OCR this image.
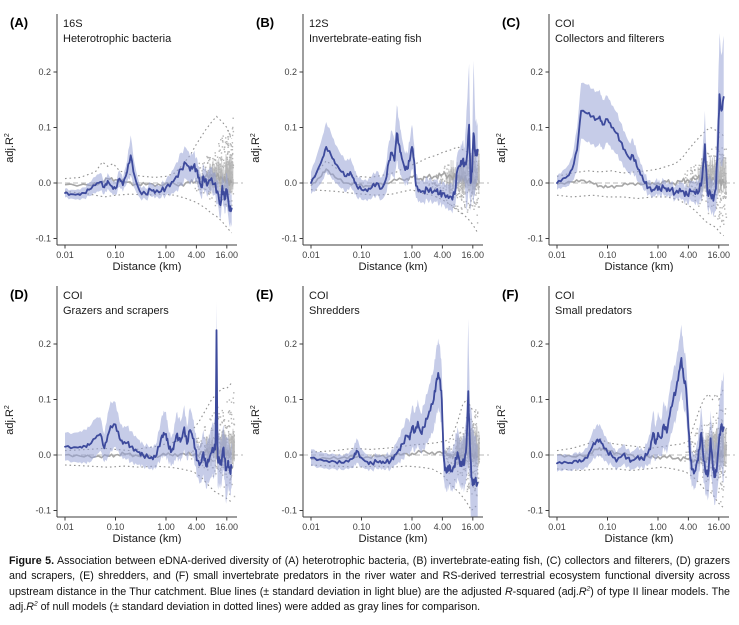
0.2
0.1
0.0
-0.1
0.01	0.10	1.00 4.00 16.00
Distance (km)
$adj.R^2$
(A)	16S
Heterotrophic bacteria
0.2
0.1
0.0
-0.1
0.01	0.10	1.00 4.00 16.00
Distance (km)
$adj.R^2$
(B)	12S
Invertebrate-eating fish
0.2
0.1
0.0
-0.1
0.01	0.10	1.00 4.00 16.00
Distance (km)
$adj.R^2$
(C)	COI
Collectors and filterers
0.2
0.1
0.0
-0.1
0.01	0.10	1.00 4.00 16.00
Distance (km)
$adj.R^2$
(D)	COI
Grazers and scrapers
0.2
0.1
0.0
-0.1
0.01	0.10	1.00 4.00 16.00
Distance (km)
$adj.R^2$
(E)	COI
Shredders
0.2
0.1
0.0
-0.1
0.01	0.10	1.00 4.00 16.00
Distance (km)
$adj.R^2$
(F)	COI
Small predators

Figure 5. Association between eDNA-derived diversity of (A) heterotrophic bacteria, (B) invertebrate-eating fish, (C) collectors and filterers, (D) grazers and scrapers, (E) shredders, and (F) small invertebrate predators in the river water and RS-derived terrestrial ecosystem functional diversity across upstream distance in the Thur catchment. Blue lines (± standard deviation in light blue) are the adjusted R-squared $(adj.R^2)$ of type II linear models. The $adj.R^2$ of null models (± standard deviation in dotted lines) were added as gray lines for comparison.
